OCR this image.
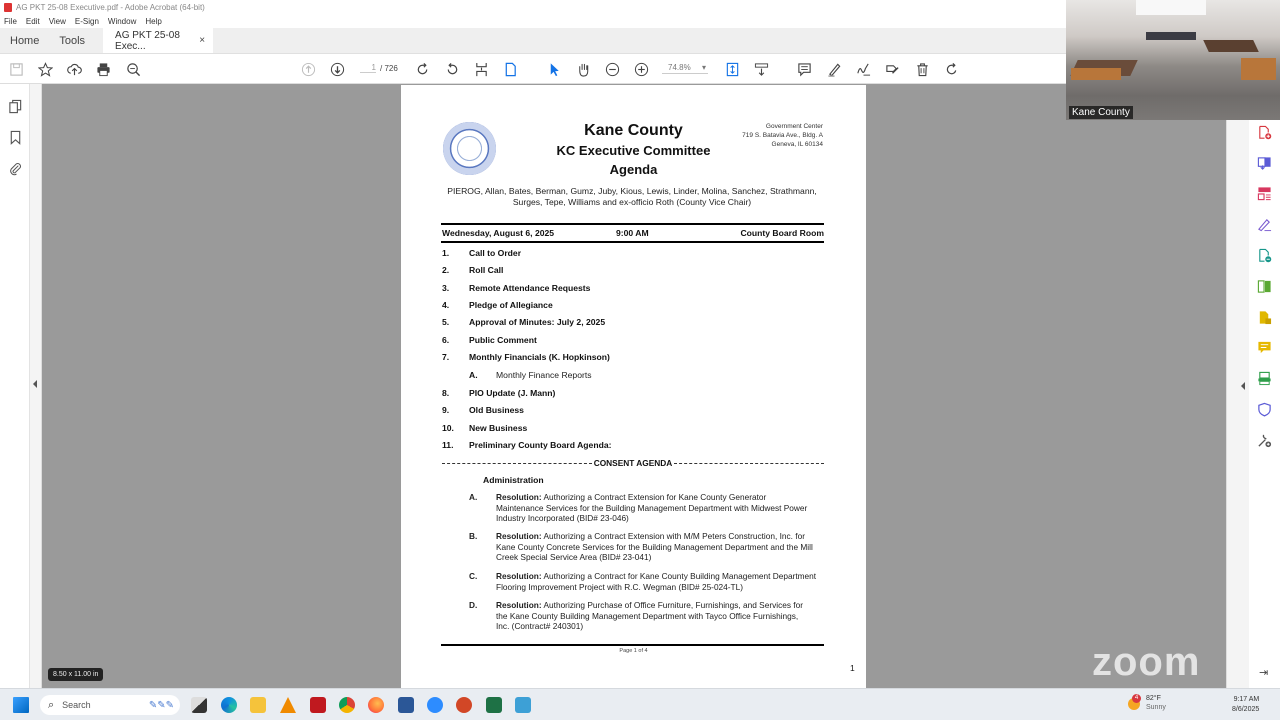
AG PKT 25-08 Executive.pdf - Adobe Acrobat (64-bit)
File Edit View E-Sign Window Help
Home	Tools	AG PKT 25-08 Exec...	×
1 / 726	74.8% ▾
Kane County
KC Executive Committee
Agenda
Government Center
719 S. Batavia Ave., Bldg. A
Geneva, IL 60134
PIEROG, Allan, Bates, Berman, Gumz, Juby, Kious, Lewis, Linder, Molina, Sanchez, Strathmann, Surges, Tepe, Williams and ex-officio Roth (County Vice Chair)
Wednesday, August 6, 2025	9:00 AM	County Board Room
1. Call to Order
2. Roll Call
3. Remote Attendance Requests
4. Pledge of Allegiance
5. Approval of Minutes: July 2, 2025
6. Public Comment
7. Monthly Financials (K. Hopkinson)
A. Monthly Finance Reports
8. PIO Update (J. Mann)
9. Old Business
10. New Business
11. Preliminary County Board Agenda:
CONSENT AGENDA
Administration
A. Resolution: Authorizing a Contract Extension for Kane County Generator Maintenance Services for the Building Management Department with Midwest Power Industry Incorporated (BID# 23-046)
B. Resolution: Authorizing a Contract Extension with M/M Peters Construction, Inc. for Kane County Concrete Services for the Building Management Department and the Mill Creek Special Service Area (BID# 23-041)
C. Resolution: Authorizing a Contract for Kane County Building Management Department Flooring Improvement Project with R.C. Wegman (BID# 25-024-TL)
D. Resolution: Authorizing Purchase of Office Furniture, Furnishings, and Services for the Kane County Building Management Department with Tayco Office Furnishings, Inc. (Contract# 240301)
Page 1 of 4
1
8.50 x 11.00 in	⇥
Kane County
zoom
⌕ Search	✎✎✎
4	82°F
Sunny
9:17 AM
8/6/2025
